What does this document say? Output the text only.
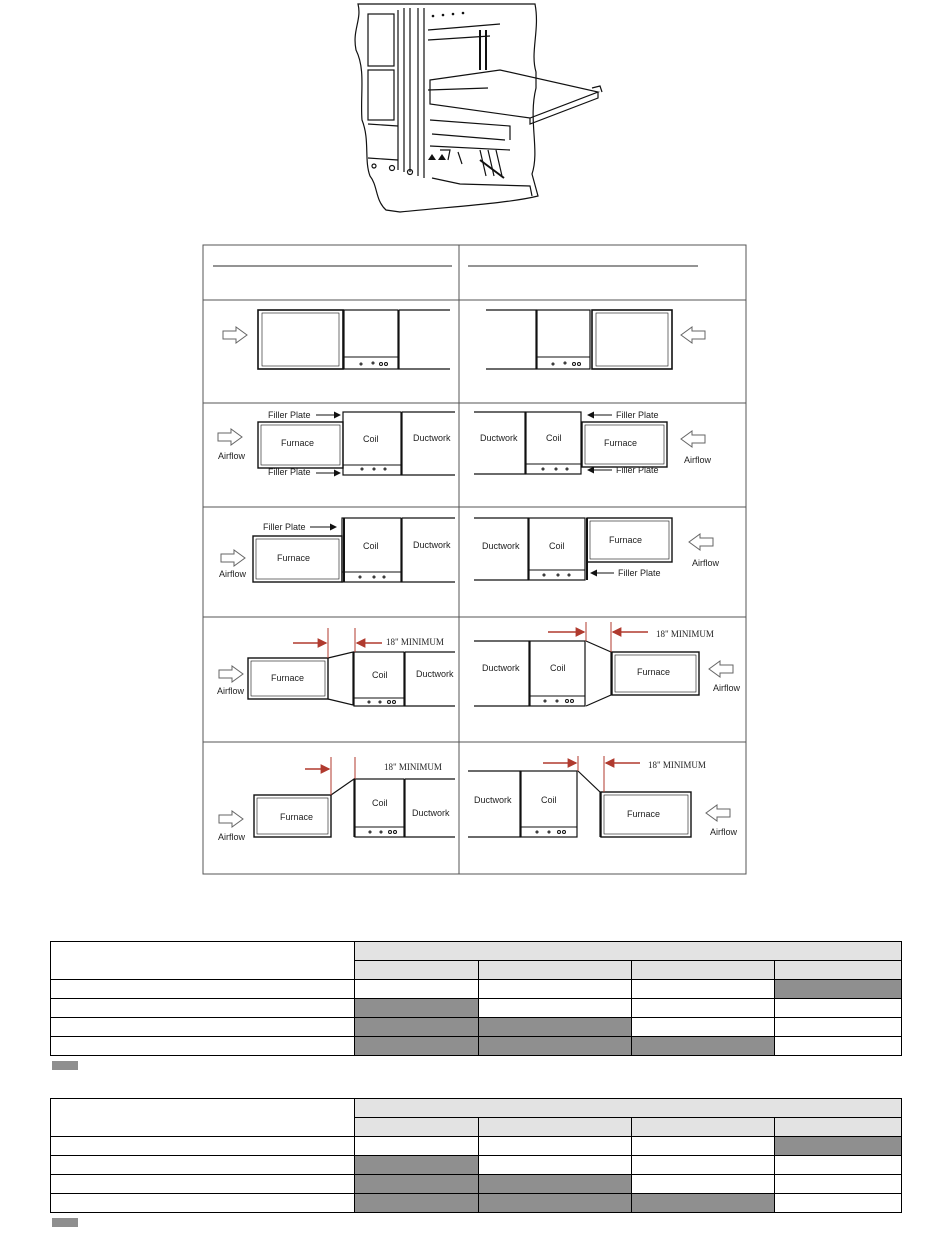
Filler Plate
Filler Plate
Furnace	Coil	Ductwork
Airflow
Filler Plate
Filler Plate
Ductwork	Coil	Furnace
Airflow
Filler Plate
Furnace
Coil	Ductwork
Airflow
Ductwork	Coil
Furnace
Filler Plate
Airflow
18" MINIMUM
Furnace	Coil	Ductwork
Airflow
18" MINIMUM
Ductwork	Coil	Furnace
Airflow
18" MINIMUM
Furnace
Coil
Ductwork
Airflow
18" MINIMUM
Ductwork	Coil
Furnace
Airflow
